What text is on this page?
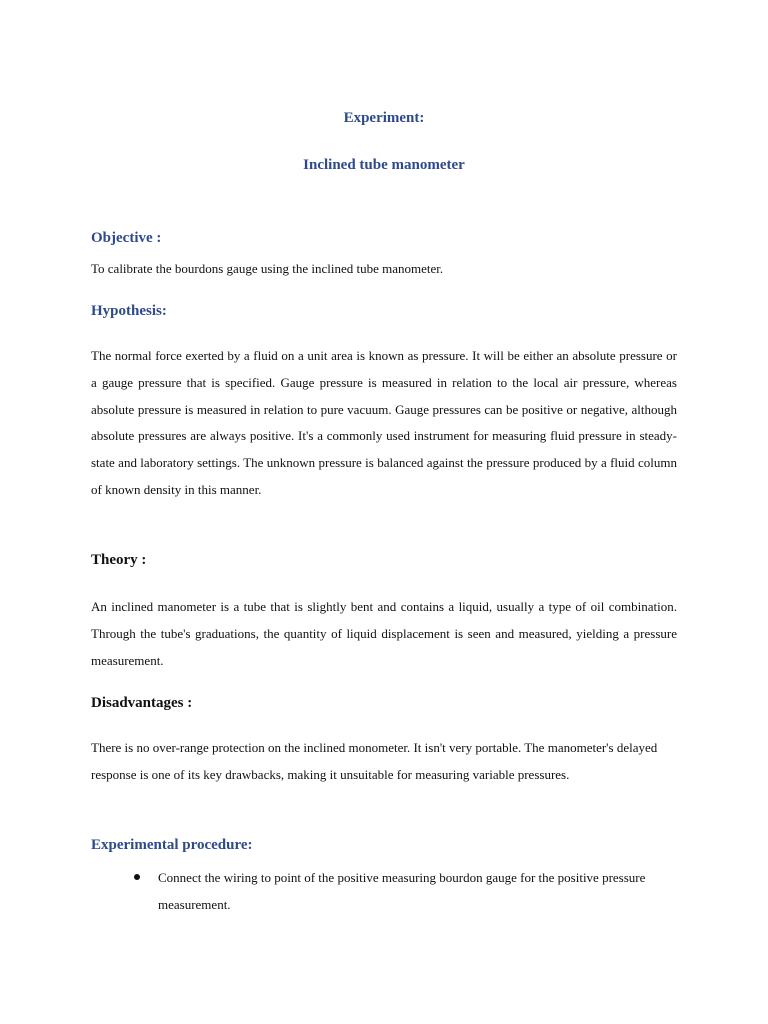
Experiment:
Inclined tube manometer
Objective :

To calibrate the bourdons gauge using the inclined tube manometer.

Hypothesis:

The normal force exerted by a fluid on a unit area is known as pressure. It will be either an absolute pressure or a gauge pressure that is specified. Gauge pressure is measured in relation to the local air pressure, whereas absolute pressure is measured in relation to pure vacuum. Gauge pressures can be positive or negative, although absolute pressures are always positive. It's a commonly used instrument for measuring fluid pressure in steady-state and laboratory settings. The unknown pressure is balanced against the pressure produced by a fluid column of known density in this manner.

Theory :

An inclined manometer is a tube that is slightly bent and contains a liquid, usually a type of oil combination. Through the tube's graduations, the quantity of liquid displacement is seen and measured, yielding a pressure measurement.

Disadvantages :

There is no over-range protection on the inclined monometer. It isn't very portable. The manometer's delayed response is one of its key drawbacks, making it unsuitable for measuring variable pressures.

Experimental procedure:
Connect the wiring to point of the positive measuring bourdon gauge for the positive pressure measurement.
